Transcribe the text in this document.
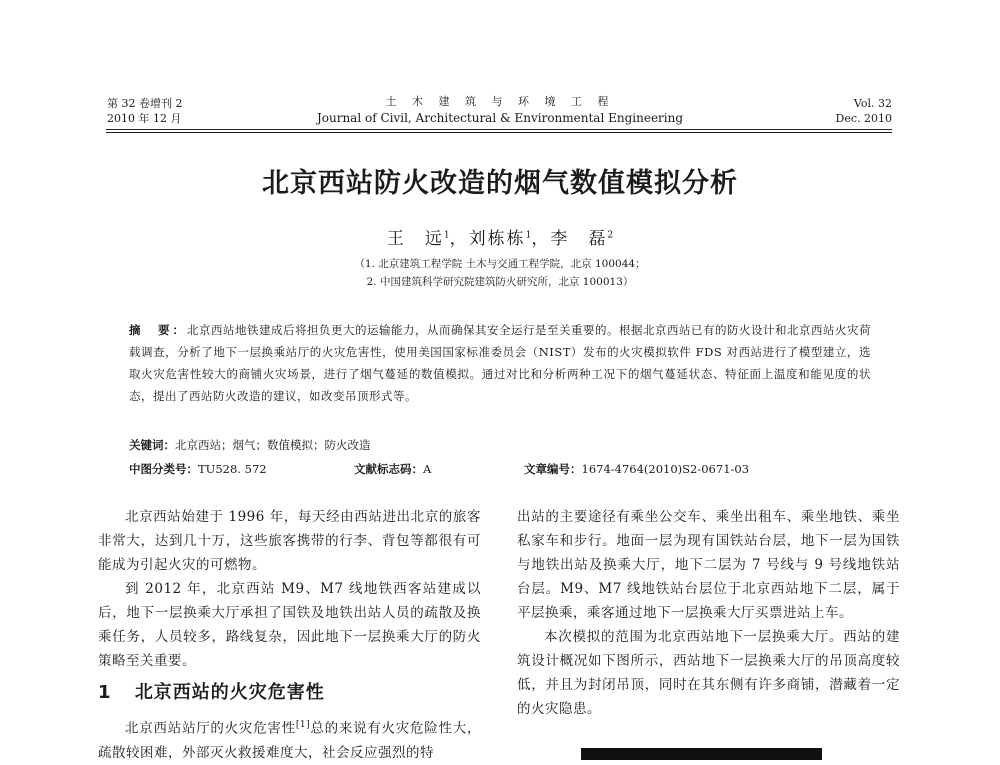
第 32 卷增刊 2
2010 年 12 月
土 木 建 筑 与 环 境 工 程
Journal of Civil, Architectural & Environmental Engineering
Vol. 32
Dec. 2010
北京西站防火改造的烟气数值模拟分析
王　远$^1$，刘栋栋$^1$，李　磊$^2$
（1. 北京建筑工程学院 土木与交通工程学院，北京 100044；
2. 中国建筑科学研究院建筑防火研究所，北京 100013）
摘　要：北京西站地铁建成后将担负更大的运输能力，从而确保其安全运行是至关重要的。根据北京西站已有的防火设计和北京西站火灾荷载调查，分析了地下一层换乘站厅的火灾危害性，使用美国国家标准委员会（NIST）发布的火灾模拟软件 FDS 对西站进行了模型建立，选取火灾危害性较大的商铺火灾场景，进行了烟气蔓延的数值模拟。通过对比和分析两种工况下的烟气蔓延状态、特征面上温度和能见度的状态，提出了西站防火改造的建议，如改变吊顶形式等。
关键词：北京西站；烟气；数值模拟；防火改造
中图分类号：TU528. 572	文献标志码：A	文章编号：1674-4764(2010)S2-0671-03

北京西站始建于 1996 年，每天经由西站进出北京的旅客非常大，达到几十万，这些旅客携带的行李、背包等都很有可能成为引起火灾的可燃物。

到 2012 年，北京西站 M9、M7 线地铁西客站建成以后，地下一层换乘大厅承担了国铁及地铁出站人员的疏散及换乘任务，人员较多，路线复杂，因此地下一层换乘大厅的防火策略至关重要。

1 北京西站的火灾危害性

北京西站站厅的火灾危害性[1]总的来说有火灾危险性大，疏散较困难，外部灭火救援难度大，社会反应强烈的特

出站的主要途径有乘坐公交车、乘坐出租车、乘坐地铁、乘坐私家车和步行。地面一层为现有国铁站台层，地下一层为国铁与地铁出站及换乘大厅，地下二层为 7 号线与 9 号线地铁站台层。M9、M7 线地铁站台层位于北京西站地下二层，属于平层换乘，乘客通过地下一层换乘大厅买票进站上车。

本次模拟的范围为北京西站地下一层换乘大厅。西站的建筑设计概况如下图所示，西站地下一层换乘大厅的吊顶高度较低，并且为封闭吊顶，同时在其东侧有许多商铺，潜藏着一定的火灾隐患。
